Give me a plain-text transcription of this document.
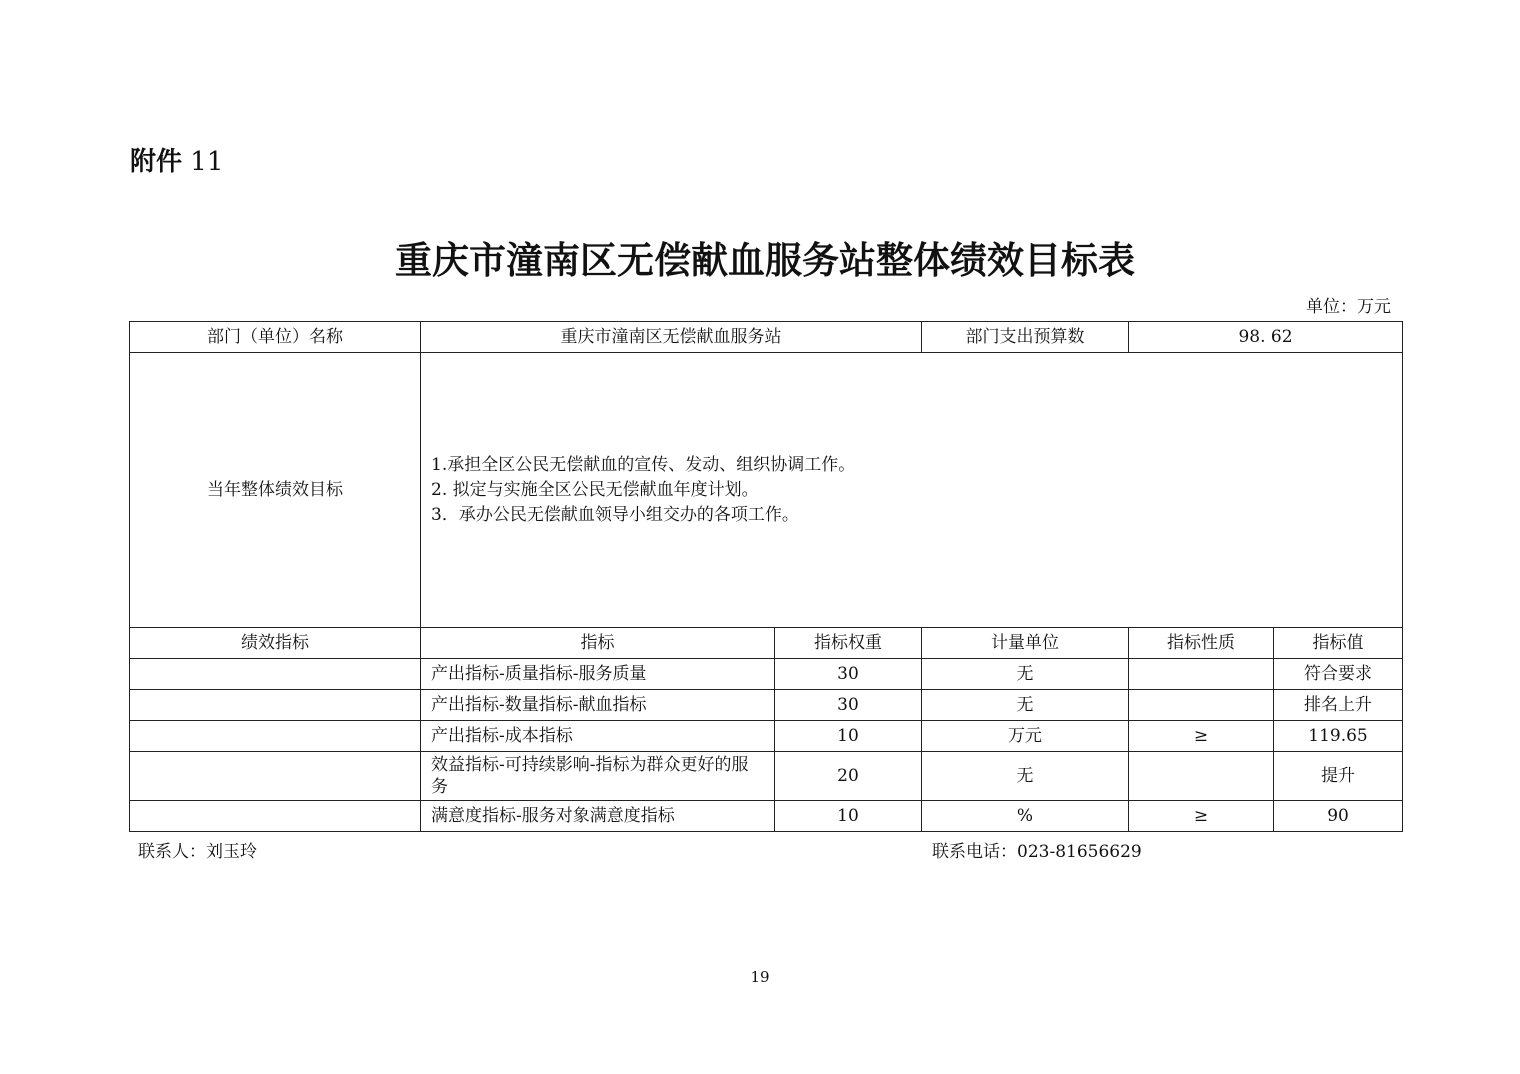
附件 11
重庆市潼南区无偿献血服务站整体绩效目标表
单位：万元
部门（单位）名称	重庆市潼南区无偿献血服务站		部门支出预算数	98. 62	
当年整体绩效目标	1.承担全区公民无偿献血的宣传、发动、组织协调工作。
2. 拟定与实施全区公民无偿献血年度计划。
3．承办公民无偿献血领导小组交办的各项工作。				

绩效指标	指标	指标权重	计量单位	指标性质	指标值
	产出指标-质量指标-服务质量	30	无		符合要求
	产出指标-数量指标-献血指标	30	无		排名上升
	产出指标-成本指标	10	万元	≥	119.65
	效益指标-可持续影响-指标为群众更好的服务	20	无		提升
	满意度指标-服务对象满意度指标	10	%	≥	90
联系人：刘玉玲	联系电话：023-81656629
19
